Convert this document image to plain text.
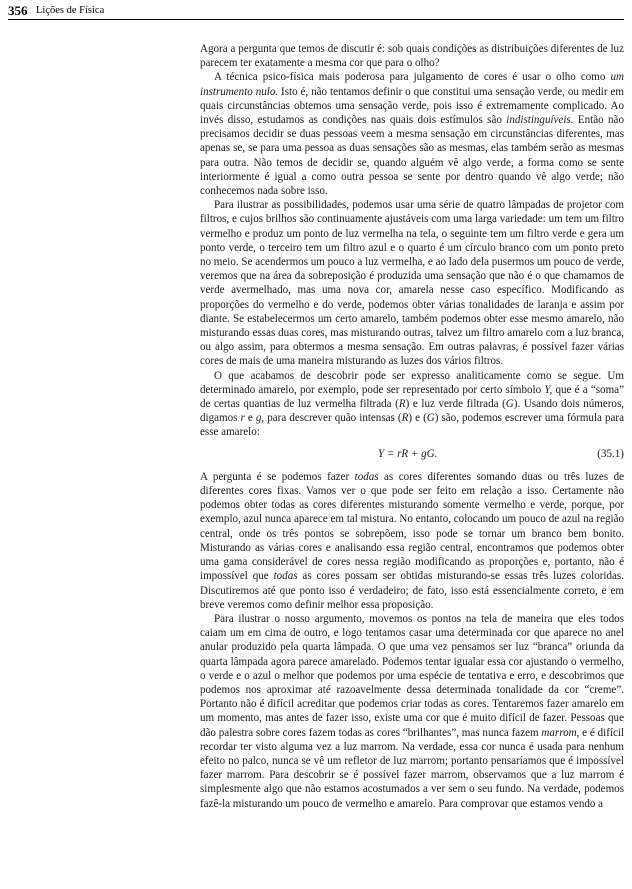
356 Lições de Física

Agora a pergunta que temos de discutir é: sob quais condições as distribuições diferentes de luz parecem ter exatamente a mesma cor que para o olho?

A técnica psico-física mais poderosa para julgamento de cores é usar o olho como um instrumento nulo. Isto é, não tentamos definir o que constitui uma sensação verde, ou medir em quais circunstâncias obtemos uma sensação verde, pois isso é extremamente complicado. Ao invés disso, estudamos as condições nas quais dois estímulos são indistinguíveis. Então não precisamos decidir se duas pessoas veem a mesma sensação em circunstâncias diferentes, mas apenas se, se para uma pessoa as duas sensações são as mesmas, elas também serão as mesmas para outra. Não temos de decidir se, quando alguém vê algo verde, a forma como se sente interiormente é igual a como outra pessoa se sente por dentro quando vê algo verde; não conhecemos nada sobre isso.

Para ilustrar as possibilidades, podemos usar uma série de quatro lâmpadas de projetor com filtros, e cujos brilhos são continuamente ajustáveis com uma larga variedade: um tem um filtro vermelho e produz um ponto de luz vermelha na tela, o seguinte tem um filtro verde e gera um ponto verde, o terceiro tem um filtro azul e o quarto é um círculo branco com um ponto preto no meio. Se acendermos um pouco a luz vermelha, e ao lado dela pusermos um pouco de verde, veremos que na área da sobreposição é produzida uma sensação que não é o que chamamos de verde avermelhado, mas uma nova cor, amarela nesse caso específico. Modificando as proporções do vermelho e do verde, podemos obter várias tonalidades de laranja e assim por diante. Se estabelecermos um certo amarelo, também podemos obter esse mesmo amarelo, não misturando essas duas cores, mas misturando outras, talvez um filtro amarelo com a luz branca, ou algo assim, para obtermos a mesma sensação. Em outras palavras, é possível fazer várias cores de mais de uma maneira misturando as luzes dos vários filtros.

O que acabamos de descobrir pode ser expresso analiticamente como se segue. Um determinado amarelo, por exemplo, pode ser representado por certo símbolo Y, que é a “soma” de certas quantias de luz vermelha filtrada (R) e luz verde filtrada (G). Usando dois números, digamos r e g, para descrever quão intensas (R) e (G) são, podemos escrever uma fórmula para esse amarelo:

Y = rR + gG.	(35.1)

A pergunta é se podemos fazer todas as cores diferentes somando duas ou três luzes de diferentes cores fixas. Vamos ver o que pode ser feito em relação a isso. Certamente não podemos obter todas as cores diferentes misturando somente vermelho e verde, porque, por exemplo, azul nunca aparece em tal mistura. No entanto, colocando um pouco de azul na região central, onde os três pontos se sobrepõem, isso pode se tornar um branco bem bonito. Misturando as várias cores e analisando essa região central, encontramos que podemos obter uma gama considerável de cores nessa região modificando as proporções e, portanto, não é impossível que todas as cores possam ser obtidas misturando-se essas três luzes coloridas. Discutiremos até que ponto isso é verdadeiro; de fato, isso está essencialmente correto, e em breve veremos como definir melhor essa proposição.

Para ilustrar o nosso argumento, movemos os pontos na tela de maneira que eles todos caiam um em cima de outro, e logo tentamos casar uma determinada cor que aparece no anel anular produzido pela quarta lâmpada. O que uma vez pensamos ser luz “branca” oriunda da quarta lâmpada agora parece amarelado. Podemos tentar igualar essa cor ajustando o vermelho, o verde e o azul o melhor que podemos por uma espécie de tentativa e erro, e descobrimos que podemos nos aproximar até razoavelmente dessa determinada tonalidade da cor “creme”. Portanto não é difícil acreditar que podemos criar todas as cores. Tentaremos fazer amarelo em um momento, mas antes de fazer isso, existe uma cor que é muito difícil de fazer. Pessoas que dão palestra sobre cores fazem todas as cores “brilhantes”, mas nunca fazem marrom, e é difícil recordar ter visto alguma vez a luz marrom. Na verdade, essa cor nunca é usada para nenhum efeito no palco, nunca se vê um refletor de luz marrom; portanto pensaríamos que é impossível fazer marrom. Para descobrir se é possível fazer marrom, observamos que a luz marrom é simplesmente algo que não estamos acostumados a ver sem o seu fundo. Na verdade, podemos fazê-la misturando um pouco de vermelho e amarelo. Para comprovar que estamos vendo a
